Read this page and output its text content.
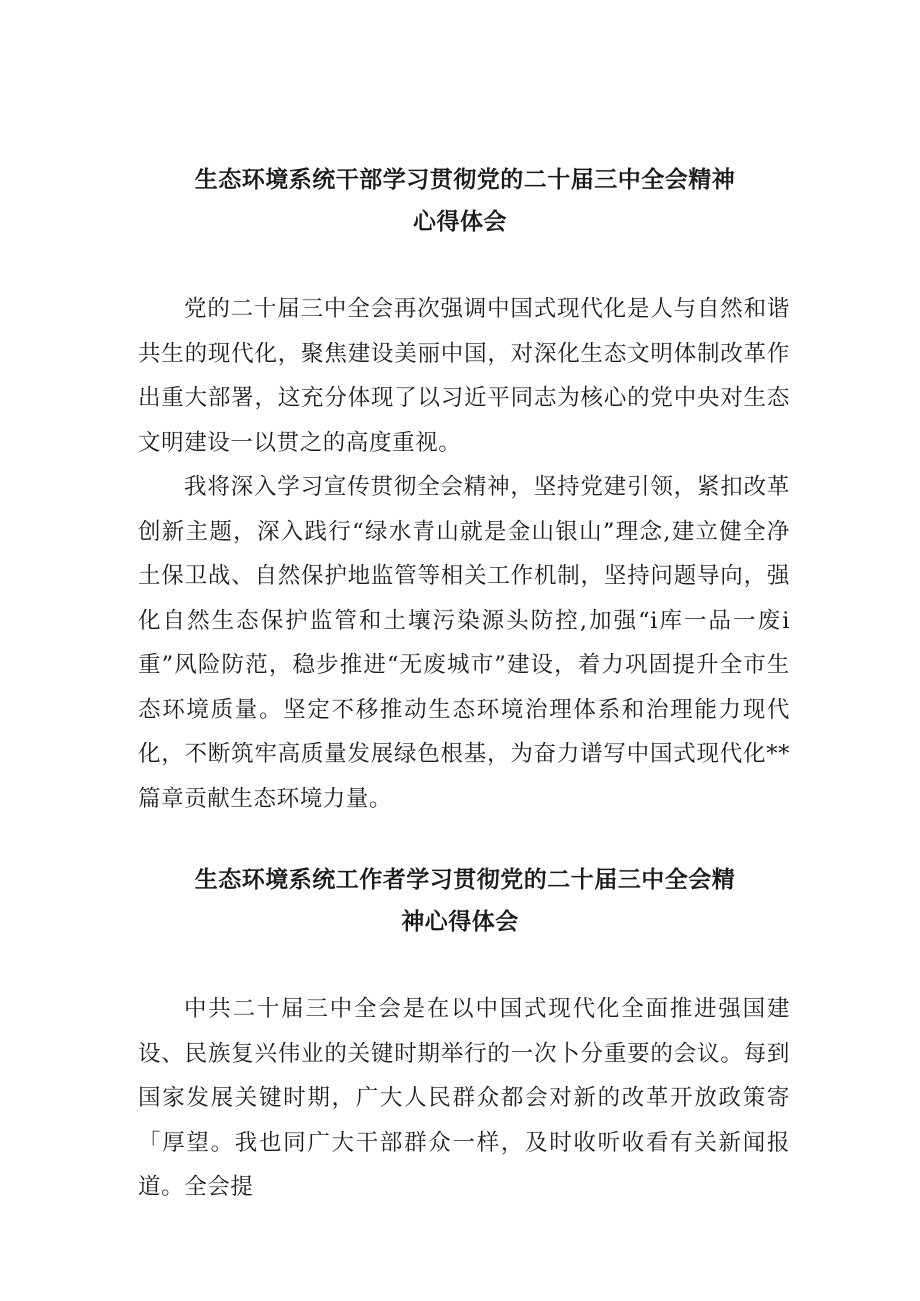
生态环境系统干部学习贯彻党的二十届三中全会精神
心得体会

党的二十届三中全会再次强调中国式现代化是人与自然和谐共生的现代化，聚焦建设美丽中国，对深化生态文明体制改革作出重大部署，这充分体现了以习近平同志为核心的党中央对生态文明建设一以贯之的高度重视。

我将深入学习宣传贯彻全会精神，坚持党建引领，紧扣改革创新主题，深入践行“绿水青山就是金山银山”理念,建立健全净土保卫战、自然保护地监管等相关工作机制，坚持问题导向，强化自然生态保护监管和土壤污染源头防控,加强“i库一品一废i重”风险防范，稳步推进“无废城市”建设，着力巩固提升全市生态环境质量。坚定不移推动生态环境治理体系和治理能力现代化，不断筑牢高质量发展绿色根基，为奋力谱写中国式现代化**篇章贡献生态环境力量。

生态环境系统工作者学习贯彻党的二十届三中全会精
神心得体会

中共二十届三中全会是在以中国式现代化全面推进强国建设、民族复兴伟业的关键时期举行的一次卜分重要的会议。每到国家发展关键时期，广大人民群众都会对新的改革开放政策寄「厚望。我也同广大干部群众一样，及时收听收看有关新闻报道。全会提
